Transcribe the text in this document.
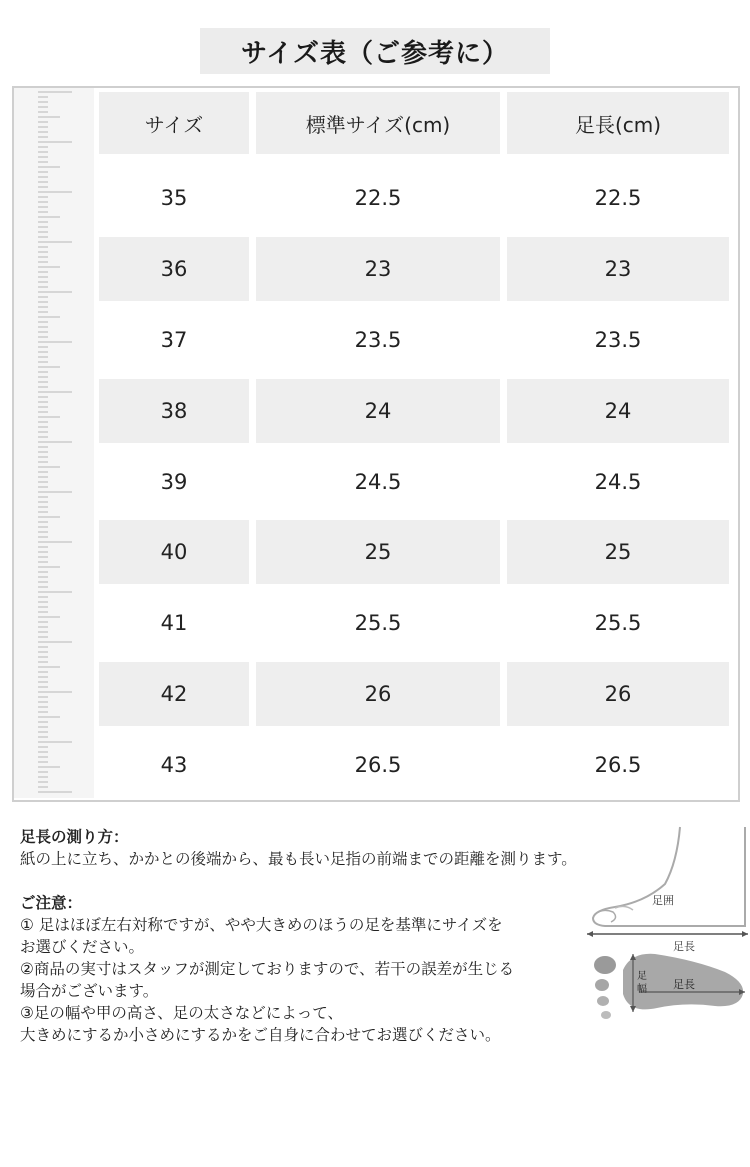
サイズ表（ご参考に）
サイズ	標準サイズ(cm)	足長(cm)
35	22.5	22.5
36	23	23
37	23.5	23.5
38	24	24
39	24.5	24.5
40	25	25
41	25.5	25.5
42	26	26
43	26.5	26.5

足長の測り方：

紙の上に立ち、かかとの後端から、最も長い足指の前端までの距離を測ります。

ご注意：

① 足はほぼ左右対称ですが、やや大きめのほうの足を基準にサイズを

お選びください。

②商品の実寸はスタッフが測定しておりますので、若干の誤差が生じる

場合がございます。

③足の幅や甲の高さ、足の太さなどによって、

大きめにするか小さめにするかをご自身に合わせてお選びください。

足囲
足長
足 幅 足長
